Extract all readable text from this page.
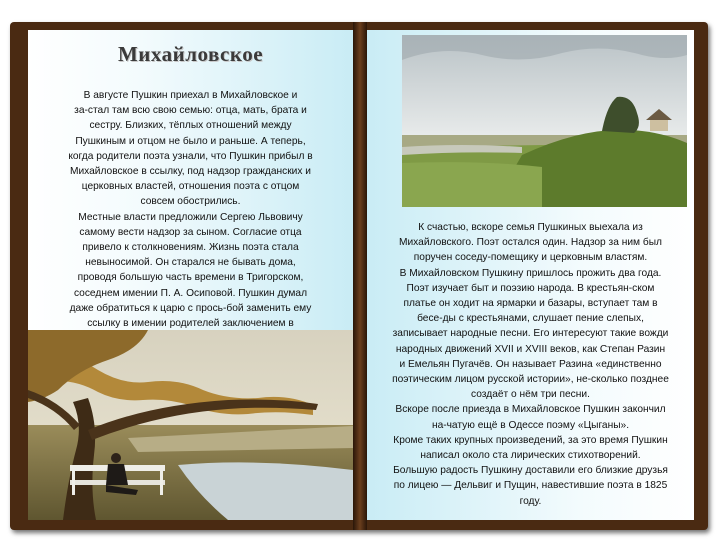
Михайловское
В августе Пушкин приехал в Михайловское и
за-стал там всю свою семью: отца, мать, брата и
сестру. Близких, тёплых отношений между
Пушкиным и отцом не было и раньше. А теперь,
когда родители поэта узнали, что Пушкин прибыл в
Михайловское в ссылку, под надзор гражданских и
церковных властей, отношения поэта с отцом
совсем обострились.
Местные власти предложили Сергею Львовичу
самому вести надзор за сыном. Согласие отца
привело к столкновениям. Жизнь поэта стала
невыносимой. Он старался не бывать дома,
проводя большую часть времени в Тригорском,
соседнем имении П. А. Осиповой. Пушкин думал
даже обратиться к царю с прось-бой заменить ему
ссылку в имении родителей заключением в
К счастью, вскоре семья Пушкиных выехала из
Михайловского. Поэт остался один. Надзор за ним был
поручен соседу-помещику и церковным властям.
В Михайловском Пушкину пришлось прожить два года.
Поэт изучает быт и поэзию народа. В крестьян-ском
платье он ходит на ярмарки и базары, вступает там в
бесе-ды с крестьянами, слушает пение слепых,
записывает народные песни. Его интересуют такие вожди
народных движений XVII и XVIII веков, как Степан Разин
и Емельян Пугачёв. Он называет Разина «единственно
поэтическим лицом русской истории», не-сколько позднее
создаёт о нём три песни.
Вскоре после приезда в Михайловское Пушкин закончил
на-чатую ещё в Одессе поэму «Цыганы».
Кроме таких крупных произведений, за это время Пушкин
написал около ста лирических стихотворений.
Большую радость Пушкину доставили его близкие друзья
по лицею — Дельвиг и Пущин, навестившие поэта в 1825
году.
